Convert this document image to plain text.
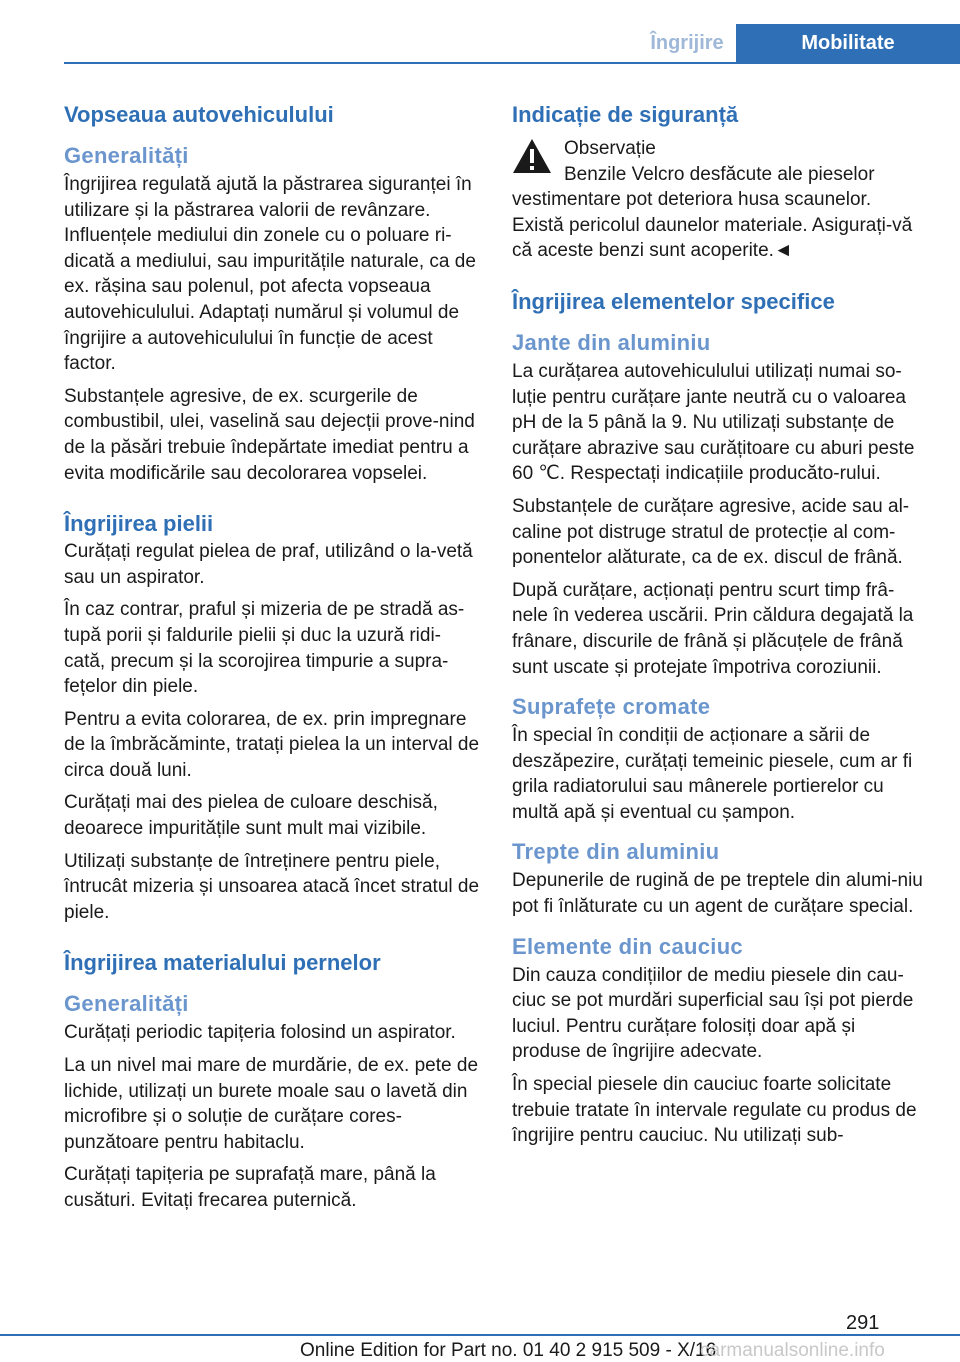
Îngrijire	Mobilitate
Vopseaua autovehiculului
Generalități
Îngrijirea regulată ajută la păstrarea siguranței în utilizare și la păstrarea valorii de revânzare. Influențele mediului din zonele cu o poluare ri-dicată a mediului, sau impuritățile naturale, ca de ex. rășina sau polenul, pot afecta vopseaua autovehiculului. Adaptați numărul și volumul de îngrijire a autovehiculului în funcție de acest factor.
Substanțele agresive, de ex. scurgerile de combustibil, ulei, vaselină sau dejecții prove-nind de la păsări trebuie îndepărtate imediat pentru a evita modificările sau decolorarea vopselei.
Îngrijirea pielii
Curățați regulat pielea de praf, utilizând o la-vetă sau un aspirator.
În caz contrar, praful și mizeria de pe stradă as-tupă porii și faldurile pielii și duc la uzură ridi-cată, precum și la scorojirea timpurie a supra-fețelor din piele.
Pentru a evita colorarea, de ex. prin impregnare de la îmbrăcăminte, tratați pielea la un interval de circa două luni.
Curățați mai des pielea de culoare deschisă, deoarece impuritățile sunt mult mai vizibile.
Utilizați substanțe de întreținere pentru piele, întrucât mizeria și unsoarea atacă încet stratul de piele.
Îngrijirea materialului pernelor
Generalități
Curățați periodic tapițeria folosind un aspirator.
La un nivel mai mare de murdărie, de ex. pete de lichide, utilizați un burete moale sau o lavetă din microfibre și o soluție de curățare cores-punzătoare pentru habitaclu.
Curățați tapițeria pe suprafață mare, până la cusături. Evitați frecarea puternică.
Indicație de siguranță
Observație
Benzile Velcro desfăcute ale pieselor vestimentare pot deteriora husa scaunelor. Există pericolul daunelor materiale. Asigurați-vă că aceste benzi sunt acoperite.◄
Îngrijirea elementelor specifice
Jante din aluminiu
La curățarea autovehiculului utilizați numai so-luție pentru curățare jante neutră cu o valoarea pH de la 5 până la 9. Nu utilizați substanțe de curățare abrazive sau curățitoare cu aburi peste 60 ℃. Respectați indicațiile producăto-rului.
Substanțele de curățare agresive, acide sau al-caline pot distruge stratul de protecție al com-ponentelor alăturate, ca de ex. discul de frână.
După curățare, acționați pentru scurt timp frâ-nele în vederea uscării. Prin căldura degajată la frânare, discurile de frână și plăcuțele de frână sunt uscate și protejate împotriva coroziunii.
Suprafețe cromate
În special în condiții de acționare a sării de deszăpezire, curățați temeinic piesele, cum ar fi grila radiatorului sau mânerele portierelor cu multă apă și eventual cu șampon.
Trepte din aluminiu
Depunerile de rugină de pe treptele din alumi-niu pot fi înlăturate cu un agent de curățare special.
Elemente din cauciuc
Din cauza condițiilor de mediu piesele din cau-ciuc se pot murdări superficial sau își pot pierde luciul. Pentru curățare folosiți doar apă și produse de îngrijire adecvate.
În special piesele din cauciuc foarte solicitate trebuie tratate în intervale regulate cu produs de îngrijire pentru cauciuc. Nu utilizați sub-
291
Online Edition for Part no. 01 40 2 915 509 - X/16
carmanualsonline.info
